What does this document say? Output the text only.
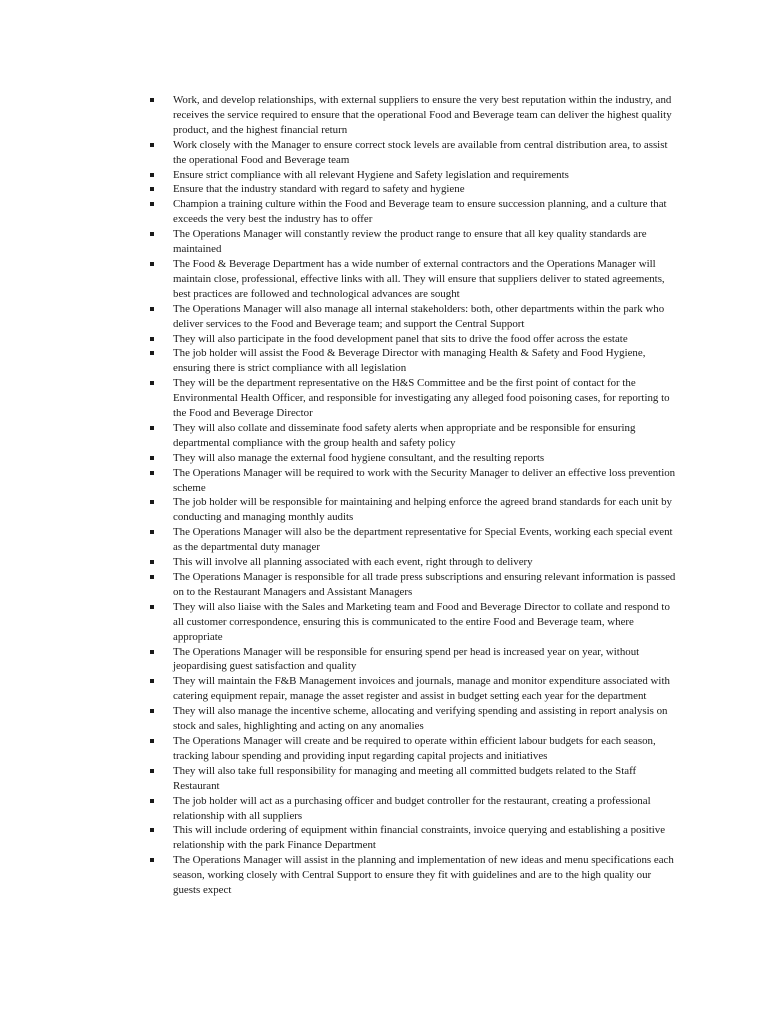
Work, and develop relationships, with external suppliers to ensure the very best reputation within the industry, and receives the service required to ensure that the operational Food and Beverage team can deliver the highest quality product, and the highest financial return
Work closely with the Manager to ensure correct stock levels are available from central distribution area, to assist the operational Food and Beverage team
Ensure strict compliance with all relevant Hygiene and Safety legislation and requirements
Ensure that the industry standard with regard to safety and hygiene
Champion a training culture within the Food and Beverage team to ensure succession planning, and a culture that exceeds the very best the industry has to offer
The Operations Manager will constantly review the product range to ensure that all key quality standards are maintained
The Food & Beverage Department has a wide number of external contractors and the Operations Manager will maintain close, professional, effective links with all. They will ensure that suppliers deliver to stated agreements, best practices are followed and technological advances are sought
The Operations Manager will also manage all internal stakeholders: both, other departments within the park who deliver services to the Food and Beverage team; and support the Central Support
They will also participate in the food development panel that sits to drive the food offer across the estate
The job holder will assist the Food & Beverage Director with managing Health & Safety and Food Hygiene, ensuring there is strict compliance with all legislation
They will be the department representative on the H&S Committee and be the first point of contact for the Environmental Health Officer, and responsible for investigating any alleged food poisoning cases, for reporting to the Food and Beverage Director
They will also collate and disseminate food safety alerts when appropriate and be responsible for ensuring departmental compliance with the group health and safety policy
They will also manage the external food hygiene consultant, and the resulting reports
The Operations Manager will be required to work with the Security Manager to deliver an effective loss prevention scheme
The job holder will be responsible for maintaining and helping enforce the agreed brand standards for each unit by conducting and managing monthly audits
The Operations Manager will also be the department representative for Special Events, working each special event as the departmental duty manager
This will involve all planning associated with each event, right through to delivery
The Operations Manager is responsible for all trade press subscriptions and ensuring relevant information is passed on to the Restaurant Managers and Assistant Managers
They will also liaise with the Sales and Marketing team and Food and Beverage Director to collate and respond to all customer correspondence, ensuring this is communicated to the entire Food and Beverage team, where appropriate
The Operations Manager will be responsible for ensuring spend per head is increased year on year, without jeopardising guest satisfaction and quality
They will maintain the F&B Management invoices and journals, manage and monitor expenditure associated with catering equipment repair, manage the asset register and assist in budget setting each year for the department
They will also manage the incentive scheme, allocating and verifying spending and assisting in report analysis on stock and sales, highlighting and acting on any anomalies
The Operations Manager will create and be required to operate within efficient labour budgets for each season, tracking labour spending and providing input regarding capital projects and initiatives
They will also take full responsibility for managing and meeting all committed budgets related to the Staff Restaurant
The job holder will act as a purchasing officer and budget controller for the restaurant, creating a professional relationship with all suppliers
This will include ordering of equipment within financial constraints, invoice querying and establishing a positive relationship with the park Finance Department
The Operations Manager will assist in the planning and implementation of new ideas and menu specifications each season, working closely with Central Support to ensure they fit with guidelines and are to the high quality our guests expect
